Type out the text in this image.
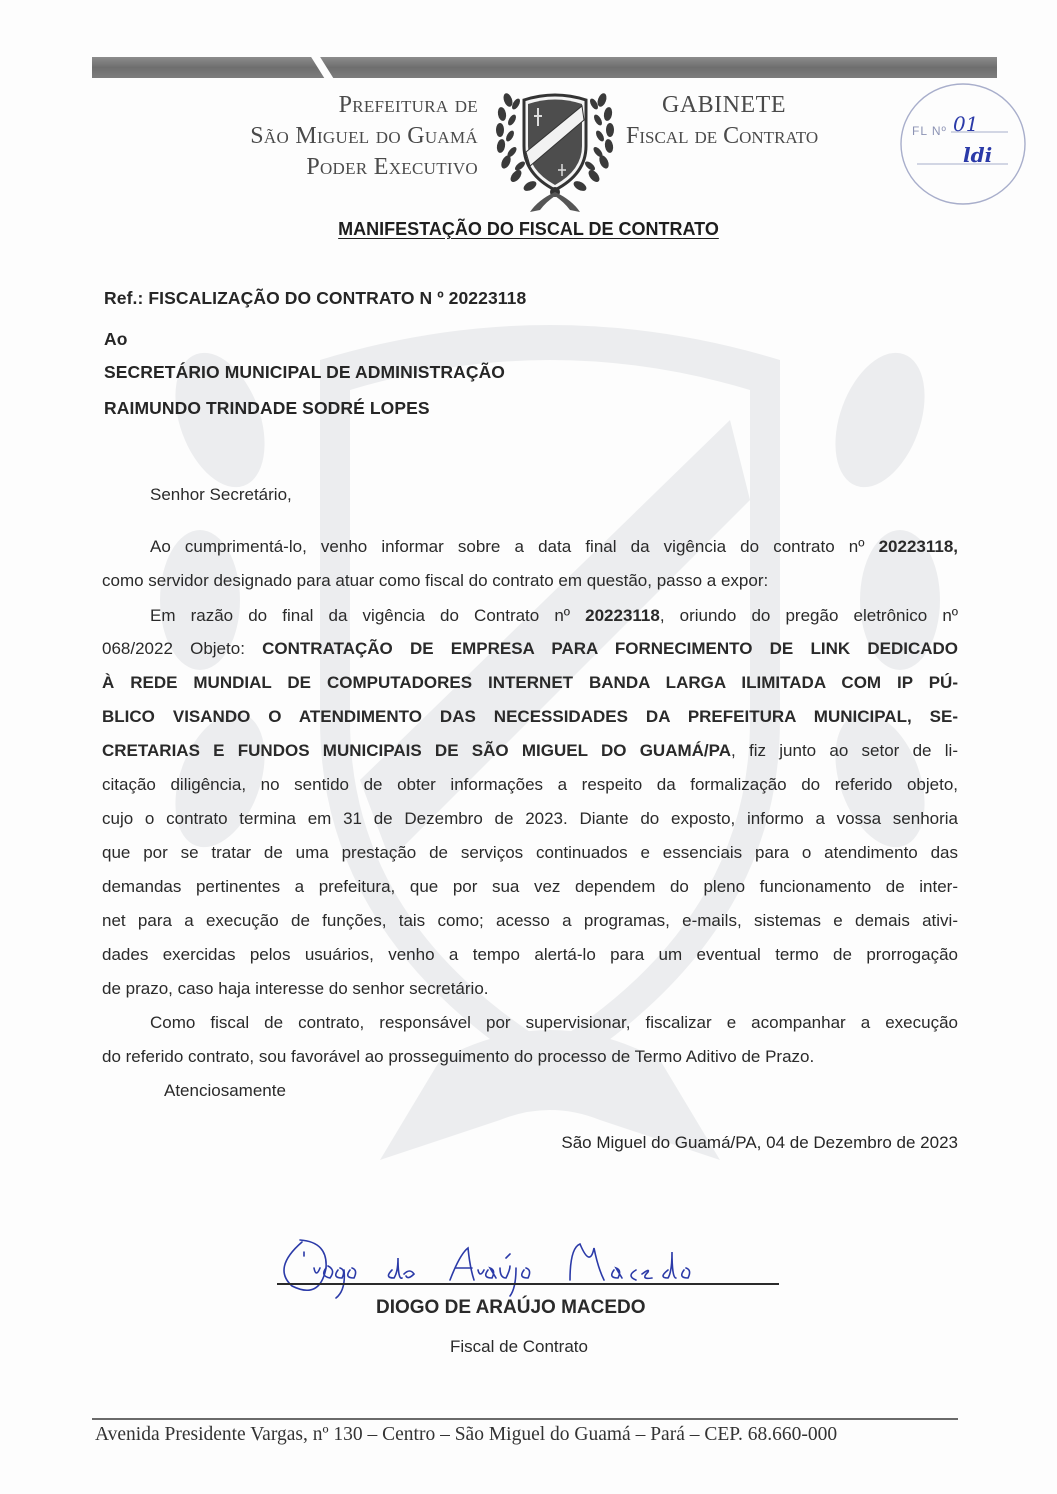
Prefeitura de
São Miguel do Guamá
Poder Executivo
GABINETE
Fiscal de Contrato	FL Nº 01
ldi
MANIFESTAÇÃO DO FISCAL DE CONTRATO
Ref.: FISCALIZAÇÃO DO CONTRATO N º 20223118
Ao
SECRETÁRIO MUNICIPAL DE ADMINISTRAÇÃO
RAIMUNDO TRINDADE SODRÉ LOPES
Senhor Secretário,
Ao cumprimentá-lo, venho informar sobre a data final da vigência do contrato nº 20223118,
como servidor designado para atuar como fiscal do contrato em questão, passo a expor:
Em razão do final da vigência do Contrato nº 20223118, oriundo do pregão eletrônico nº
068/2022 Objeto: CONTRATAÇÃO DE EMPRESA PARA FORNECIMENTO DE LINK DEDICADO
À REDE MUNDIAL DE COMPUTADORES INTERNET BANDA LARGA ILIMITADA COM IP PÚ-
BLICO VISANDO O ATENDIMENTO DAS NECESSIDADES DA PREFEITURA MUNICIPAL, SE-
CRETARIAS E FUNDOS MUNICIPAIS DE SÃO MIGUEL DO GUAMÁ/PA, fiz junto ao setor de li-
citação diligência, no sentido de obter informações a respeito da formalização do referido objeto,
cujo o contrato termina em 31 de Dezembro de 2023. Diante do exposto, informo a vossa senhoria
que por se tratar de uma prestação de serviços continuados e essenciais para o atendimento das
demandas pertinentes a prefeitura, que por sua vez dependem do pleno funcionamento de inter-
net para a execução de funções, tais como; acesso a programas, e-mails, sistemas e demais ativi-
dades exercidas pelos usuários, venho a tempo alertá-lo para um eventual termo de prorrogação
de prazo, caso haja interesse do senhor secretário.
Como fiscal de contrato, responsável por supervisionar, fiscalizar e acompanhar a execução
do referido contrato, sou favorável ao prosseguimento do processo de Termo Aditivo de Prazo.
Atenciosamente
São Miguel do Guamá/PA, 04 de Dezembro de 2023
DIOGO DE ARAÚJO MACEDO
Fiscal de Contrato
Avenida Presidente Vargas, nº 130 – Centro – São Miguel do Guamá – Pará – CEP. 68.660-000
